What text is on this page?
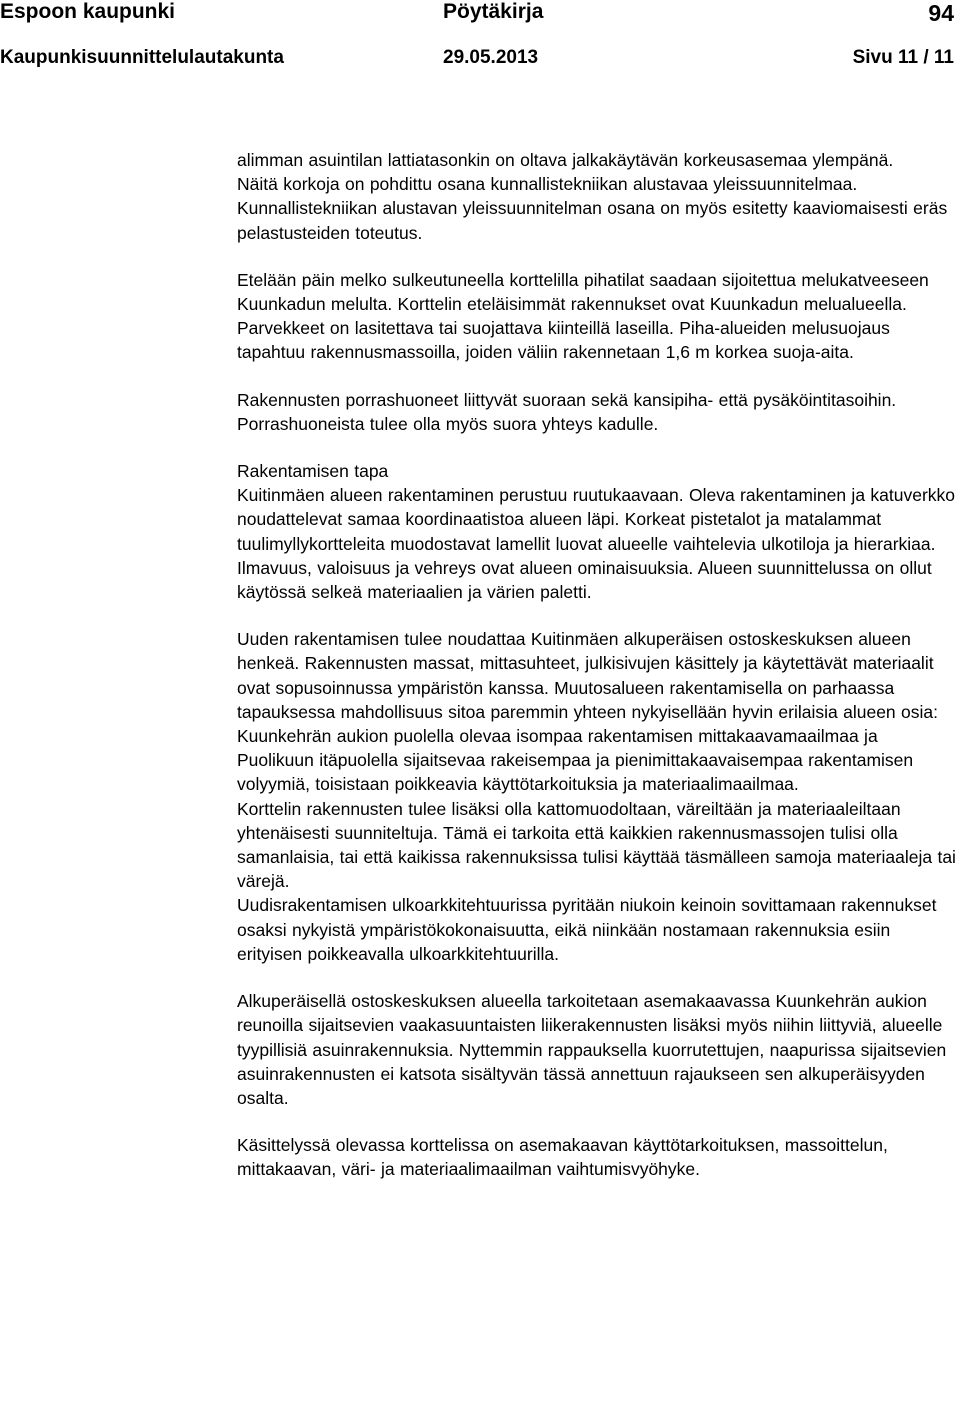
Espoon kaupunki	Pöytäkirja	94
Kaupunkisuunnittelulautakunta	29.05.2013	Sivu 11 / 11

alimman asuintilan lattiatasonkin on oltava jalkakäytävän korkeusasemaa ylempänä.

Näitä korkoja on pohdittu osana kunnallistekniikan alustavaa yleissuunnitelmaa. Kunnallistekniikan alustavan yleissuunnitelman osana on myös esitetty kaaviomaisesti eräs pelastusteiden toteutus.

Etelään päin melko sulkeutuneella korttelilla pihatilat saadaan sijoitettua melukatveeseen Kuunkadun melulta. Korttelin eteläisimmät rakennukset ovat Kuunkadun melualueella. Parvekkeet on lasitettava tai suojattava kiinteillä laseilla. Piha-alueiden melusuojaus tapahtuu rakennusmassoilla, joiden väliin rakennetaan 1,6 m korkea suoja-aita.

Rakennusten porrashuoneet liittyvät suoraan sekä kansipiha- että pysäköintitasoihin. Porrashuoneista tulee olla myös suora yhteys kadulle.

Rakentamisen tapa

Kuitinmäen alueen rakentaminen perustuu ruutukaavaan. Oleva rakentaminen ja katuverkko noudattelevat samaa koordinaatistoa alueen läpi. Korkeat pistetalot ja matalammat tuulimyllykortteleita muodostavat lamellit luovat alueelle vaihtelevia ulkotiloja ja hierarkiaa. Ilmavuus, valoisuus ja vehreys ovat alueen ominaisuuksia. Alueen suunnittelussa on ollut käytössä selkeä materiaalien ja värien paletti.

Uuden rakentamisen tulee noudattaa Kuitinmäen alkuperäisen ostoskeskuksen alueen henkeä. Rakennusten massat, mittasuhteet, julkisivujen käsittely ja käytettävät materiaalit ovat sopusoinnussa ympäristön kanssa. Muutosalueen rakentamisella on parhaassa tapauksessa mahdollisuus sitoa paremmin yhteen nykyisellään hyvin erilaisia alueen osia: Kuunkehrän aukion puolella olevaa isompaa rakentamisen mittakaavamaailmaa ja Puolikuun itäpuolella sijaitsevaa rakeisempaa ja pienimittakaavaisempaa rakentamisen volyymiä, toisistaan poikkeavia käyttötarkoituksia ja materiaalimaailmaa.

Korttelin rakennusten tulee lisäksi olla kattomuodoltaan, väreiltään ja materiaaleiltaan yhtenäisesti suunniteltuja. Tämä ei tarkoita että kaikkien rakennusmassojen tulisi olla samanlaisia, tai että kaikissa rakennuksissa tulisi käyttää täsmälleen samoja materiaaleja tai värejä.

Uudisrakentamisen ulkoarkkitehtuurissa pyritään niukoin keinoin sovittamaan rakennukset osaksi nykyistä ympäristökokonaisuutta, eikä niinkään nostamaan rakennuksia esiin erityisen poikkeavalla ulkoarkkitehtuurilla.

Alkuperäisellä ostoskeskuksen alueella tarkoitetaan asemakaavassa Kuunkehrän aukion reunoilla sijaitsevien vaakasuuntaisten liikerakennusten lisäksi myös niihin liittyviä, alueelle tyypillisiä asuinrakennuksia. Nyttemmin rappauksella kuorrutettujen, naapurissa sijaitsevien asuinrakennusten ei katsota sisältyvän tässä annettuun rajaukseen sen alkuperäisyyden osalta.

Käsittelyssä olevassa korttelissa on asemakaavan käyttötarkoituksen, massoittelun, mittakaavan, väri- ja materiaalimaailman vaihtumisvyöhyke.
